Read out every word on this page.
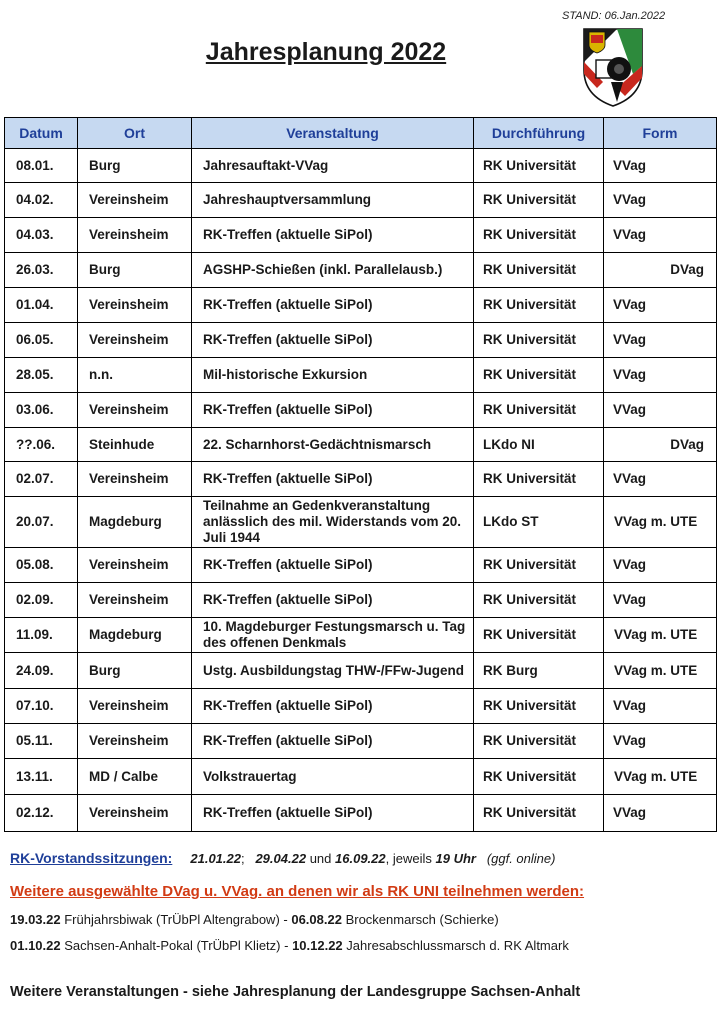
STAND: 06.Jan.2022
Jahresplanung 2022
Datum	Ort	Veranstaltung	Durchführung	Form
08.01.	Burg	Jahresauftakt-VVag	RK Universität	VVag
04.02.	Vereinsheim	Jahreshauptversammlung	RK Universität	VVag
04.03.	Vereinsheim	RK-Treffen (aktuelle SiPol)	RK Universität	VVag
26.03.	Burg	AGSHP-Schießen (inkl. Parallelausb.)	RK Universität	DVag
01.04.	Vereinsheim	RK-Treffen (aktuelle SiPol)	RK Universität	VVag
06.05.	Vereinsheim	RK-Treffen (aktuelle SiPol)	RK Universität	VVag
28.05.	n.n.	Mil-historische Exkursion	RK Universität	VVag
03.06.	Vereinsheim	RK-Treffen (aktuelle SiPol)	RK Universität	VVag
??.06.	Steinhude	22. Scharnhorst-Gedächtnismarsch	LKdo NI	DVag
02.07.	Vereinsheim	RK-Treffen (aktuelle SiPol)	RK Universität	VVag
20.07.	Magdeburg	Teilnahme an Gedenkveranstaltung anlässlich des mil. Widerstands vom 20. Juli 1944	LKdo ST	VVag m. UTE
05.08.	Vereinsheim	RK-Treffen (aktuelle SiPol)	RK Universität	VVag
02.09.	Vereinsheim	RK-Treffen (aktuelle SiPol)	RK Universität	VVag
11.09.	Magdeburg	10. Magdeburger Festungsmarsch u. Tag des offenen Denkmals	RK Universität	VVag m. UTE
24.09.	Burg	Ustg. Ausbildungstag THW-/FFw-Jugend	RK Burg	VVag m. UTE
07.10.	Vereinsheim	RK-Treffen (aktuelle SiPol)	RK Universität	VVag
05.11.	Vereinsheim	RK-Treffen (aktuelle SiPol)	RK Universität	VVag
13.11.	MD / Calbe	Volkstrauertag	RK Universität	VVag m. UTE
02.12.	Vereinsheim	RK-Treffen (aktuelle SiPol)	RK Universität	VVag
RK-Vorstandssitzungen: 21.01.22; 29.04.22 und 16.09.22, jeweils 19 Uhr (ggf. online)
Weitere ausgewählte DVag u. VVag. an denen wir als RK UNI teilnehmen werden:
19.03.22 Frühjahrsbiwak (TrÜbPl Altengrabow) - 06.08.22 Brockenmarsch (Schierke)
01.10.22 Sachsen-Anhalt-Pokal (TrÜbPl Klietz) - 10.12.22 Jahresabschlussmarsch d. RK Altmark
Weitere Veranstaltungen - siehe Jahresplanung der Landesgruppe Sachsen-Anhalt
